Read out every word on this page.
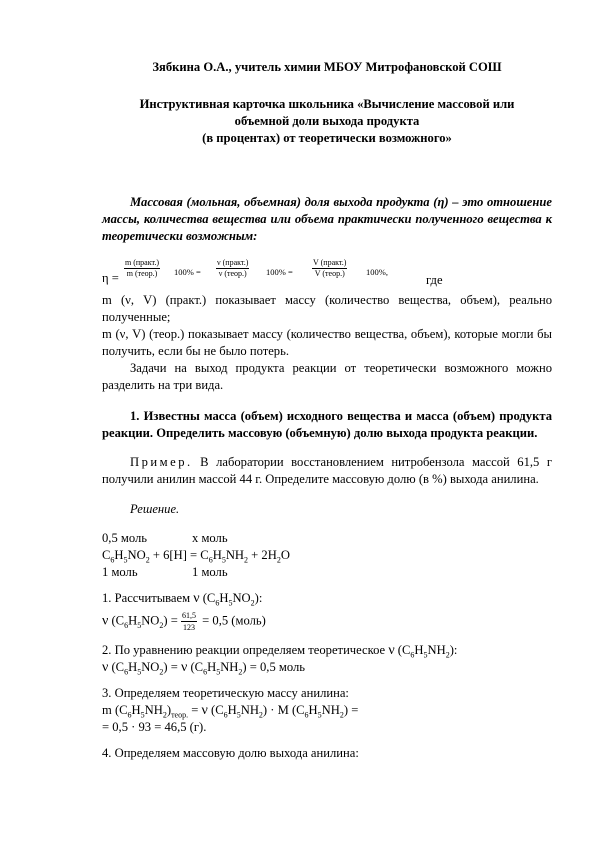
Зябкина О.А., учитель химии МБОУ Митрофановской СОШ

Инструктивная карточка школьника «Вычисление массовой или

объемной доли выхода продукта

(в процентах) от теоретически возможного»

Массовая (мольная, объемная) доля выхода продукта (η) – это отношение массы, количества вещества или объема практически полученного вещества к теоретически возможным:

η =
m (практ.)
m (теор.)	100% =
ν (практ.)
ν (теор.)	100% =
V (практ.)
V (теор.)	100%,
где

m (ν, V) (практ.) показывает массу (количество вещества, объем), реально полученные;

m (ν, V) (теор.) показывает массу (количество вещества, объем), которые могли бы получить, если бы не было потерь.

Задачи на выход продукта реакции от теоретически возможного можно разделить на три вида.

1. Известны масса (объем) исходного вещества и масса (объем) продукта реакции. Определить массовую (объемную) долю выхода продукта реакции.

Пример. В лаборатории восстановлением нитробензола массой 61,5 г получили анилин массой 44 г. Определите массовую долю (в %) выхода анилина.

Решение.

0,5 моль	x моль

$C_6H_5NO_2 + 6[H] = C_6H_5NH_2 + 2H_2O$

1 моль	1 моль

1. Рассчитываем ν $(C_6H_5NO_2)$:

ν $(C_6H_5NO_2) = \frac{61,5}{123} = 0,5$ (моль)

2. По уравнению реакции определяем теоретическое ν $(C_6H_5NH_2)$:

ν $(C_6H_5NO_2) = \nu$ $(C_6H_5NH_2) = 0,5$ моль

3. Определяем теоретическую массу анилина:

m $(C_6H_5NH_2)_{теор.} = \nu$ $(C_6H_5NH_2) \cdot M$ $(C_6H_5NH_2)$ =

= 0,5 · 93 = 46,5 (г).

4. Определяем массовую долю выхода анилина:
